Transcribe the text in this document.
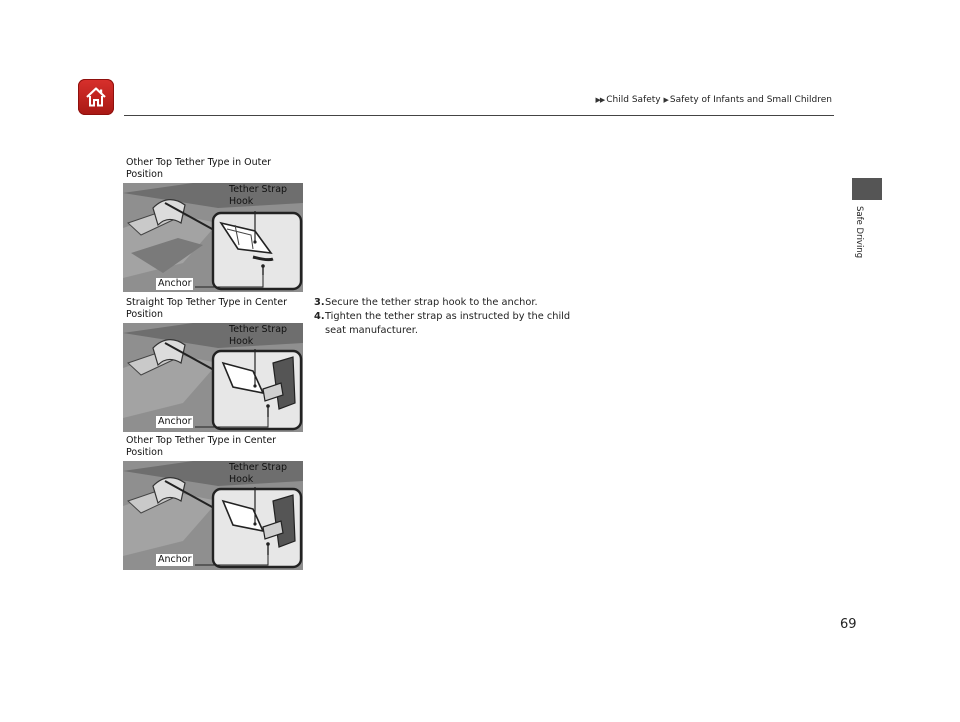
▶▶ Child Safety ▶ Safety of Infants and Small Children
Safe Driving
Other Top Tether Type in Outer Position
Tether Strap Hook
Anchor
Straight Top Tether Type in Center Position
Tether Strap Hook
Anchor
Other Top Tether Type in Center Position
Tether Strap Hook
Anchor
3. Secure the tether strap hook to the anchor.
4. Tighten the tether strap as instructed by the child seat manufacturer.
69
